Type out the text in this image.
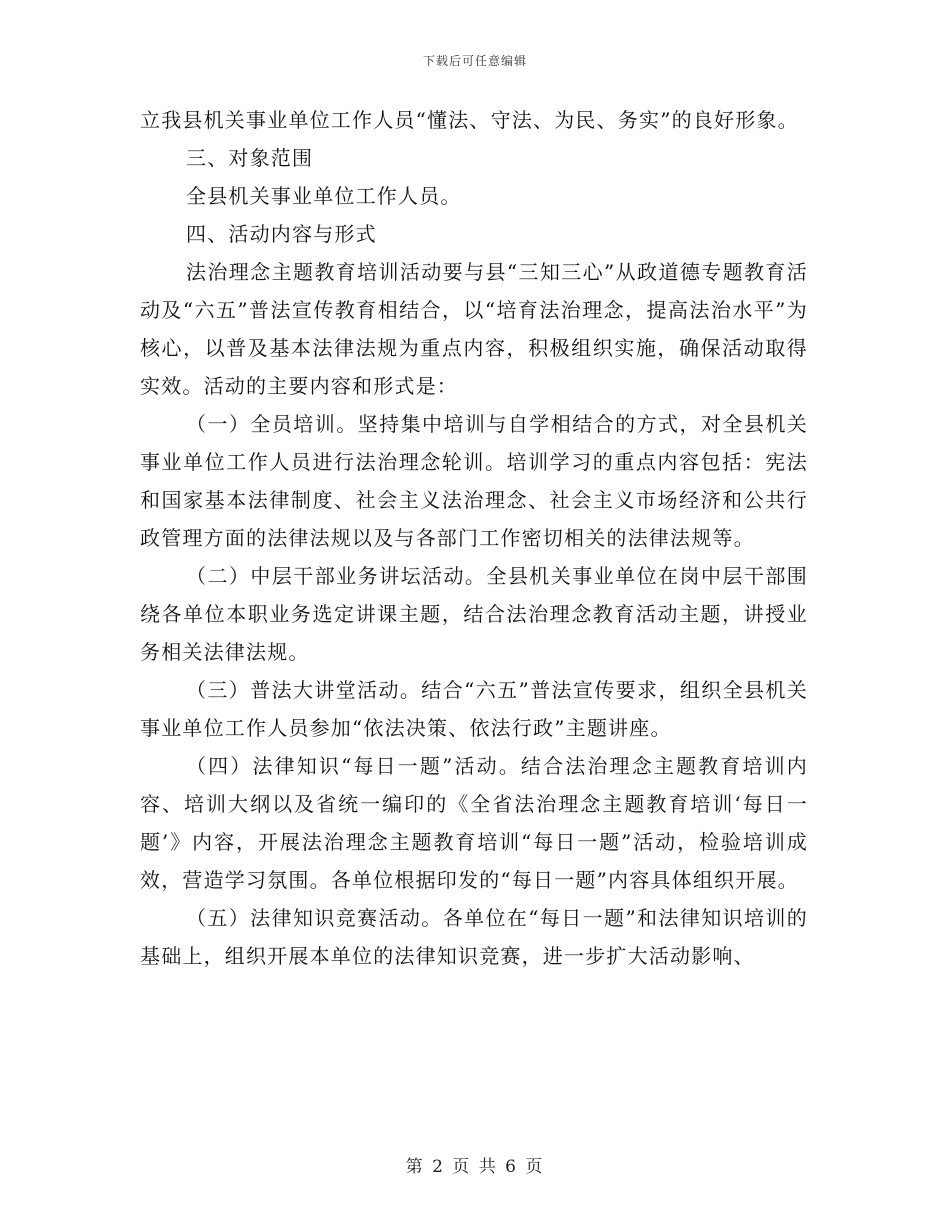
下载后可任意编辑

立我县机关事业单位工作人员“懂法、守法、为民、务实”的良好形象。

三、对象范围

全县机关事业单位工作人员。

四、活动内容与形式

法治理念主题教育培训活动要与县“三知三心”从政道德专题教育活动及“六五”普法宣传教育相结合，以“培育法治理念，提高法治水平”为核心，以普及基本法律法规为重点内容，积极组织实施，确保活动取得实效。活动的主要内容和形式是：

（一）全员培训。坚持集中培训与自学相结合的方式，对全县机关事业单位工作人员进行法治理念轮训。培训学习的重点内容包括：宪法和国家基本法律制度、社会主义法治理念、社会主义市场经济和公共行政管理方面的法律法规以及与各部门工作密切相关的法律法规等。

（二）中层干部业务讲坛活动。全县机关事业单位在岗中层干部围绕各单位本职业务选定讲课主题，结合法治理念教育活动主题，讲授业务相关法律法规。

（三）普法大讲堂活动。结合“六五”普法宣传要求，组织全县机关事业单位工作人员参加“依法决策、依法行政”主题讲座。

（四）法律知识“每日一题”活动。结合法治理念主题教育培训内容、培训大纲以及省统一编印的《全省法治理念主题教育培训‘每日一题’》内容，开展法治理念主题教育培训“每日一题”活动，检验培训成效，营造学习氛围。各单位根据印发的“每日一题”内容具体组织开展。

（五）法律知识竞赛活动。各单位在“每日一题”和法律知识培训的基础上，组织开展本单位的法律知识竞赛，进一步扩大活动影响、

第 2 页 共 6 页
